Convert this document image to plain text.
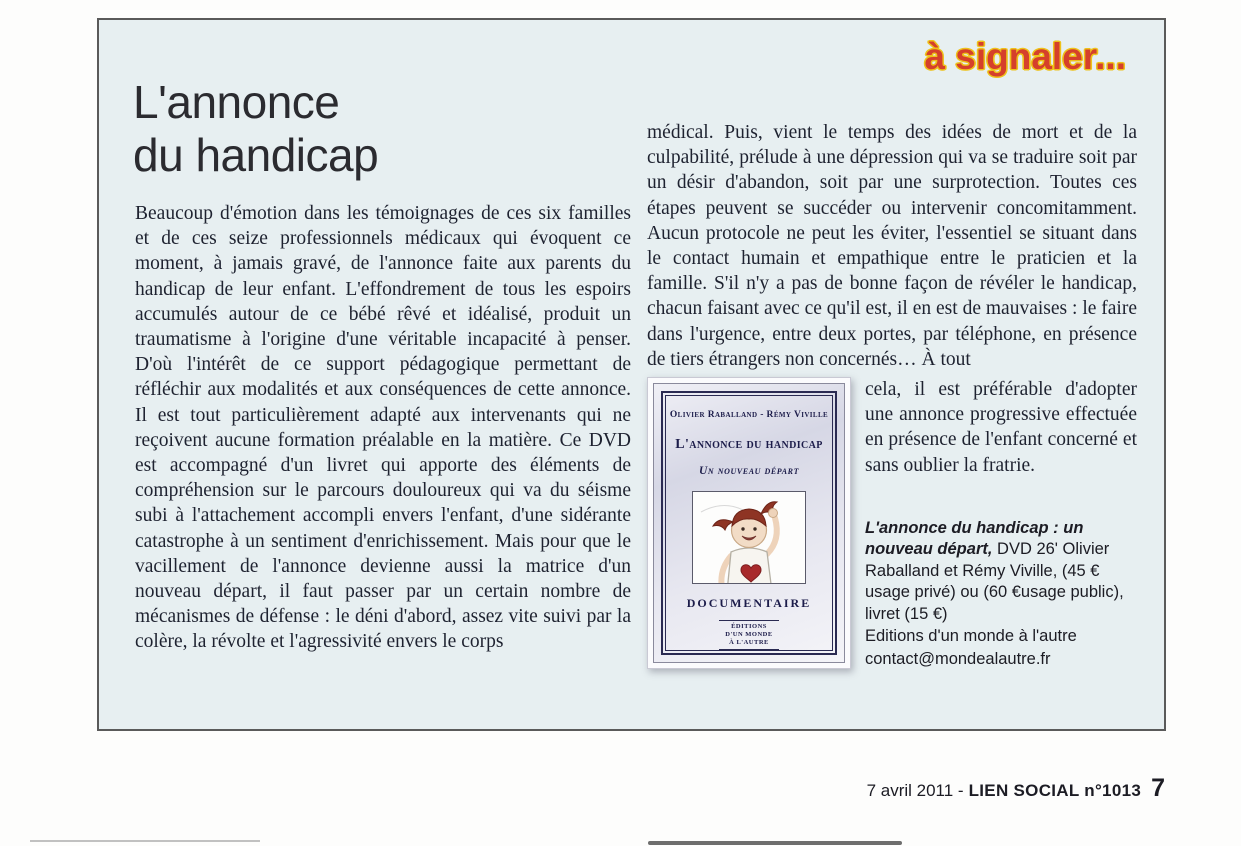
à signaler...
L'annonce
du handicap

Beaucoup d'émotion dans les témoignages de ces six familles et de ces seize professionnels médicaux qui évoquent ce moment, à jamais gravé, de l'annonce faite aux parents du handicap de leur enfant. L'effondrement de tous les espoirs accumulés autour de ce bébé rêvé et idéalisé, produit un traumatisme à l'origine d'une véritable incapacité à penser. D'où l'intérêt de ce support pédagogique permettant de réfléchir aux modalités et aux conséquences de cette annonce. Il est tout particulièrement adapté aux intervenants qui ne reçoivent aucune formation préalable en la matière. Ce DVD est accompagné d'un livret qui apporte des éléments de compréhension sur le parcours douloureux qui va du séisme subi à l'attachement accompli envers l'enfant, d'une sidérante catastrophe à un sentiment d'enrichissement. Mais pour que le vacillement de l'annonce devienne aussi la matrice d'un nouveau départ, il faut passer par un certain nombre de mécanismes de défense : le déni d'abord, assez vite suivi par la colère, la révolte et l'agressivité envers le corps

médical. Puis, vient le temps des idées de mort et de la culpabilité, prélude à une dépression qui va se traduire soit par un désir d'abandon, soit par une surprotection. Toutes ces étapes peuvent se succéder ou intervenir concomitamment. Aucun protocole ne peut les éviter, l'essentiel se situant dans le contact humain et empathique entre le praticien et la famille. S'il n'y a pas de bonne façon de révéler le handicap, chacun faisant avec ce qu'il est, il en est de mauvaises : le faire dans l'urgence, entre deux portes, par téléphone, en présence de tiers étrangers non concernés… À tout

Olivier Raballand - Rémy Viville
L'annonce du handicap
Un nouveau départ
DOCUMENTAIRE
ÉDITIONS
D'UN MONDE
À L'AUTRE

cela, il est préférable d'adopter une annonce progressive effectuée en présence de l'enfant concerné et sans oublier la fratrie.

L'annonce du handicap : un nouveau départ, DVD 26' Olivier Raballand et Rémy Viville, (45 € usage privé) ou (60 €usage public), livret (15 €)

Editions d'un monde à l'autre
contact@mondealautre.fr
7 avril 2011 - LIEN SOCIAL n°1013 7
